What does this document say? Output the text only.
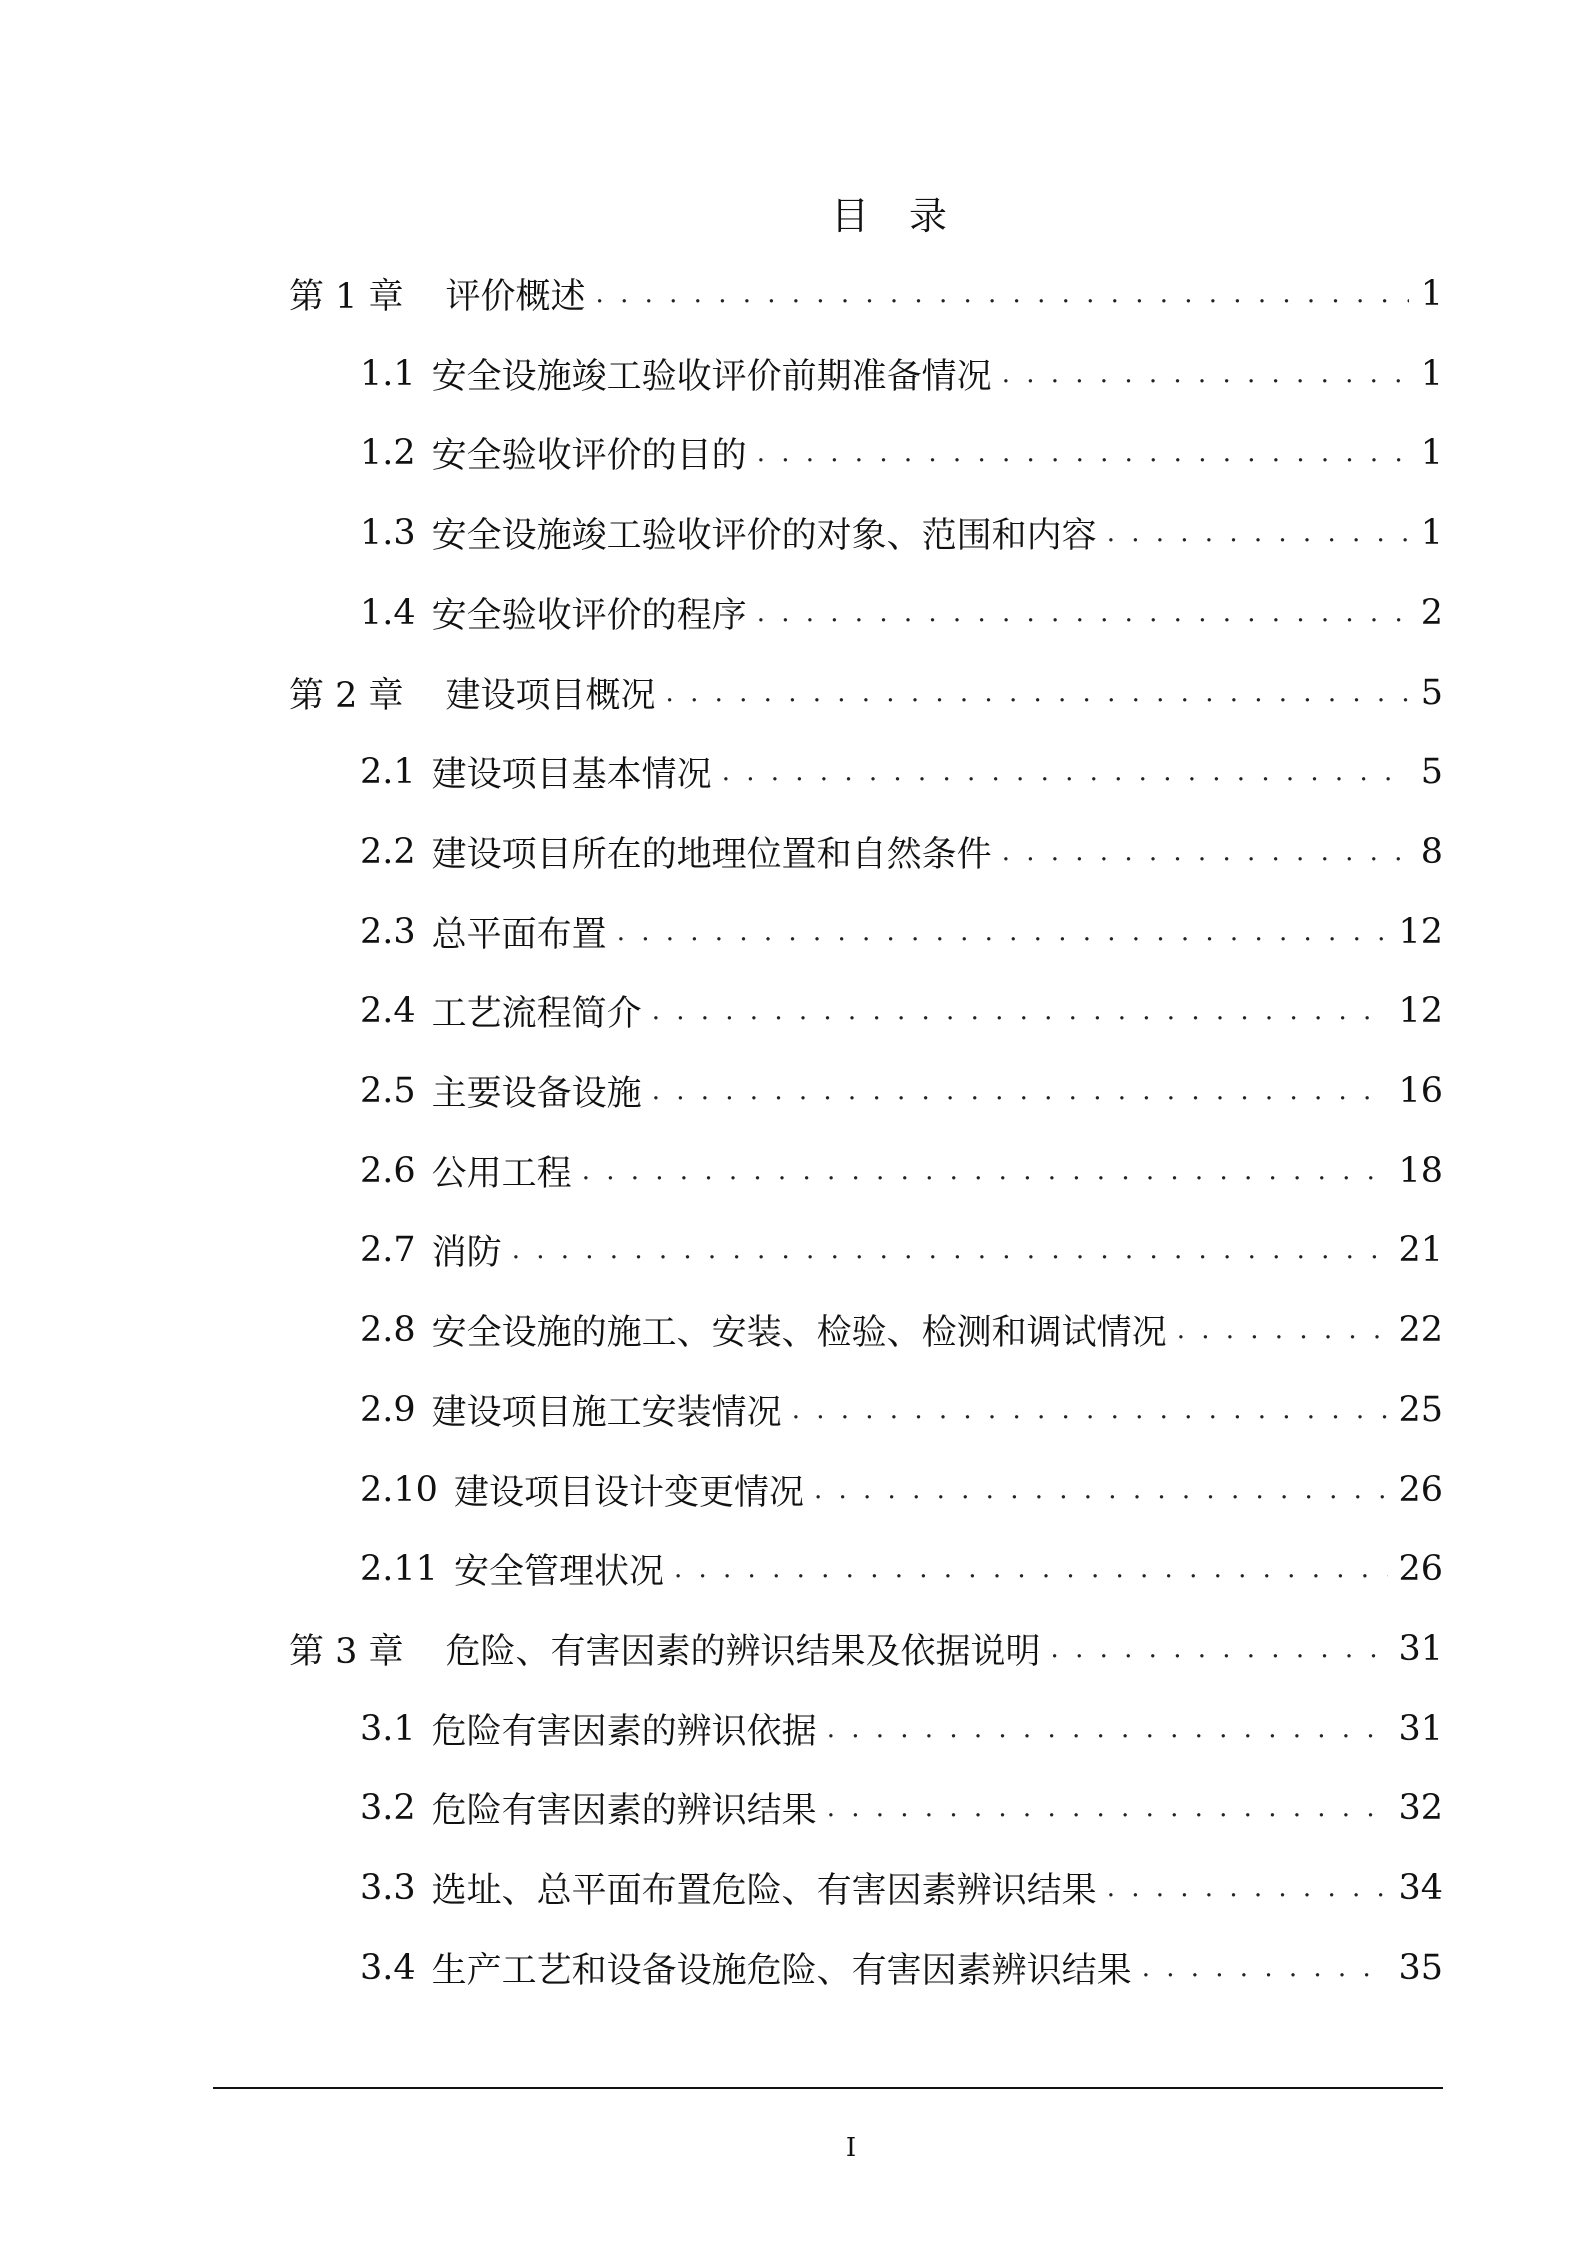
目 录
第 1 章 评价概述 . . .	1
1.1 安全设施竣工验收评价前期准备情况 . . .	1
1.2 安全验收评价的目的 . . .	1
1.3 安全设施竣工验收评价的对象、范围和内容 . . .	1
1.4 安全验收评价的程序 . . .	2
第 2 章 建设项目概况 . . .	5
2.1 建设项目基本情况 . . .	5
2.2 建设项目所在的地理位置和自然条件 . . .	8
2.3 总平面布置 . . .	12
2.4 工艺流程简介 . . .	12
2.5 主要设备设施 . . .	16
2.6 公用工程 . . .	18
2.7 消防 . . .	21
2.8 安全设施的施工、安装、检验、检测和调试情况 . . .	22
2.9 建设项目施工安装情况 . . .	25
2.10 建设项目设计变更情况 . . .	26
2.11 安全管理状况 . . .	26
第 3 章 危险、有害因素的辨识结果及依据说明 . . .	31
3.1 危险有害因素的辨识依据 . . .	31
3.2 危险有害因素的辨识结果 . . .	32
3.3 选址、总平面布置危险、有害因素辨识结果 . . .	34
3.4 生产工艺和设备设施危险、有害因素辨识结果 . . .	35
I
